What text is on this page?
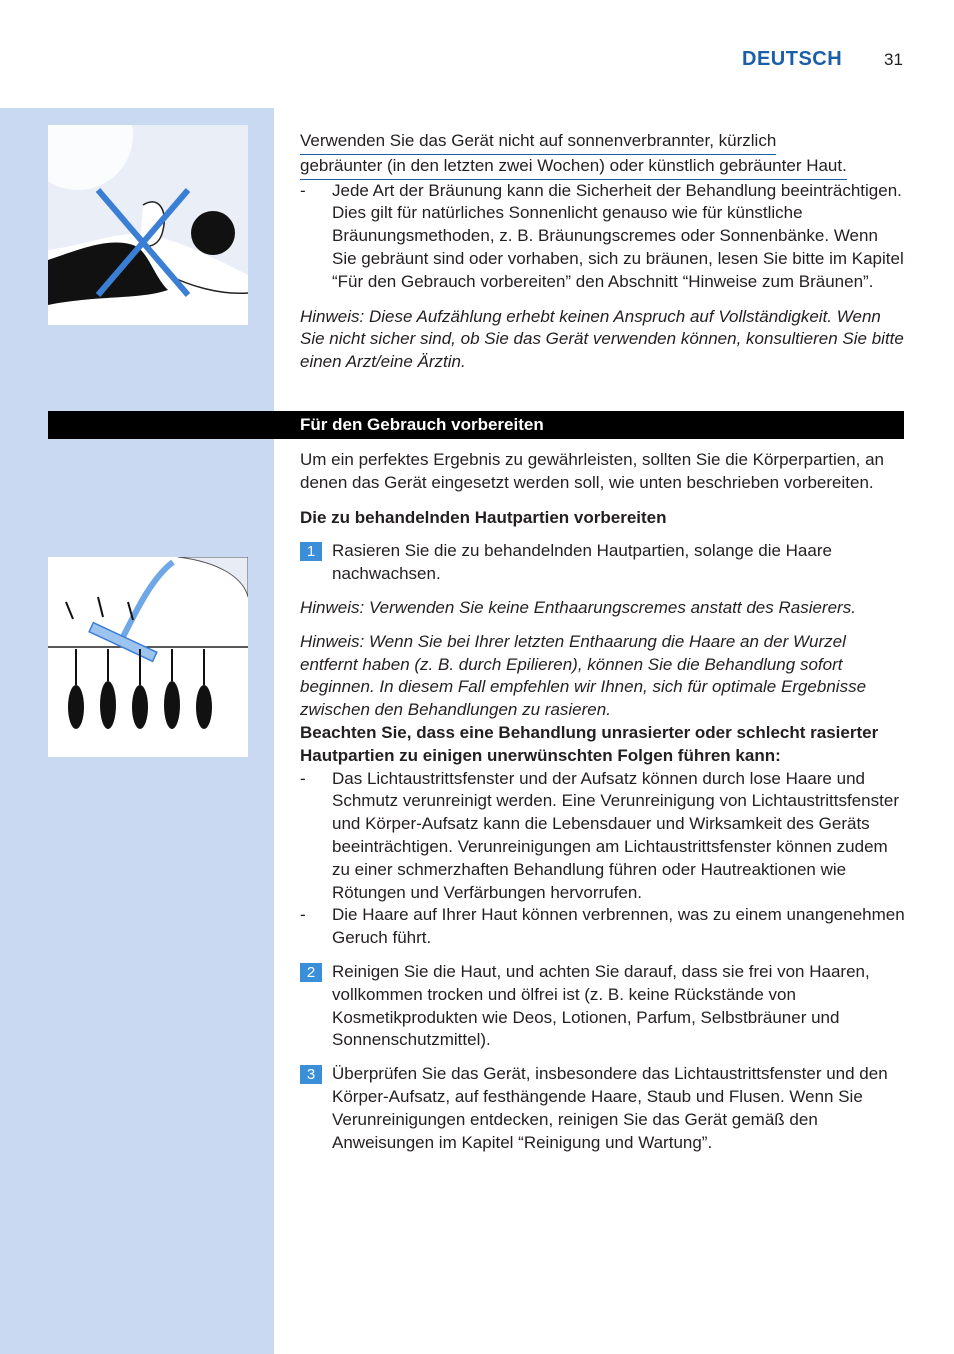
DEUTSCH 31
Verwenden Sie das Gerät nicht auf sonnenverbrannter, kürzlich
gebräunter (in den letzten zwei Wochen) oder künstlich gebräunter Haut.
- Jede Art der Bräunung kann die Sicherheit der Behandlung beeinträchtigen. Dies gilt für natürliches Sonnenlicht genauso wie für künstliche Bräunungsmethoden, z. B. Bräunungscremes oder Sonnenbänke. Wenn Sie gebräunt sind oder vorhaben, sich zu bräunen, lesen Sie bitte im Kapitel “Für den Gebrauch vorbereiten” den Abschnitt “Hinweise zum Bräunen”.

Hinweis: Diese Aufzählung erhebt keinen Anspruch auf Vollständigkeit. Wenn Sie nicht sicher sind, ob Sie das Gerät verwenden können, konsultieren Sie bitte einen Arzt/eine Ärztin.

Für den Gebrauch vorbereiten

Um ein perfektes Ergebnis zu gewährleisten, sollten Sie die Körperpartien, an denen das Gerät eingesetzt werden soll, wie unten beschrieben vorbereiten.

Die zu behandelnden Hautpartien vorbereiten

1 Rasieren Sie die zu behandelnden Hautpartien, solange die Haare nachwachsen.

Hinweis: Verwenden Sie keine Enthaarungscremes anstatt des Rasierers.

Hinweis: Wenn Sie bei Ihrer letzten Enthaarung die Haare an der Wurzel entfernt haben (z. B. durch Epilieren), können Sie die Behandlung sofort beginnen. In diesem Fall empfehlen wir Ihnen, sich für optimale Ergebnisse zwischen den Behandlungen zu rasieren.

Beachten Sie, dass eine Behandlung unrasierter oder schlecht rasierter Hautpartien zu einigen unerwünschten Folgen führen kann:

- Das Lichtaustrittsfenster und der Aufsatz können durch lose Haare und Schmutz verunreinigt werden. Eine Verunreinigung von Lichtaustrittsfenster und Körper-Aufsatz kann die Lebensdauer und Wirksamkeit des Geräts beeinträchtigen. Verunreinigungen am Lichtaustrittsfenster können zudem zu einer schmerzhaften Behandlung führen oder Hautreaktionen wie Rötungen und Verfärbungen hervorrufen.
- Die Haare auf Ihrer Haut können verbrennen, was zu einem unangenehmen Geruch führt.
2 Reinigen Sie die Haut, und achten Sie darauf, dass sie frei von Haaren, vollkommen trocken und ölfrei ist (z. B. keine Rückstände von Kosmetikprodukten wie Deos, Lotionen, Parfum, Selbstbräuner und Sonnenschutzmittel).
3 Überprüfen Sie das Gerät, insbesondere das Lichtaustrittsfenster und den Körper-Aufsatz, auf festhängende Haare, Staub und Flusen. Wenn Sie Verunreinigungen entdecken, reinigen Sie das Gerät gemäß den Anweisungen im Kapitel “Reinigung und Wartung”.
